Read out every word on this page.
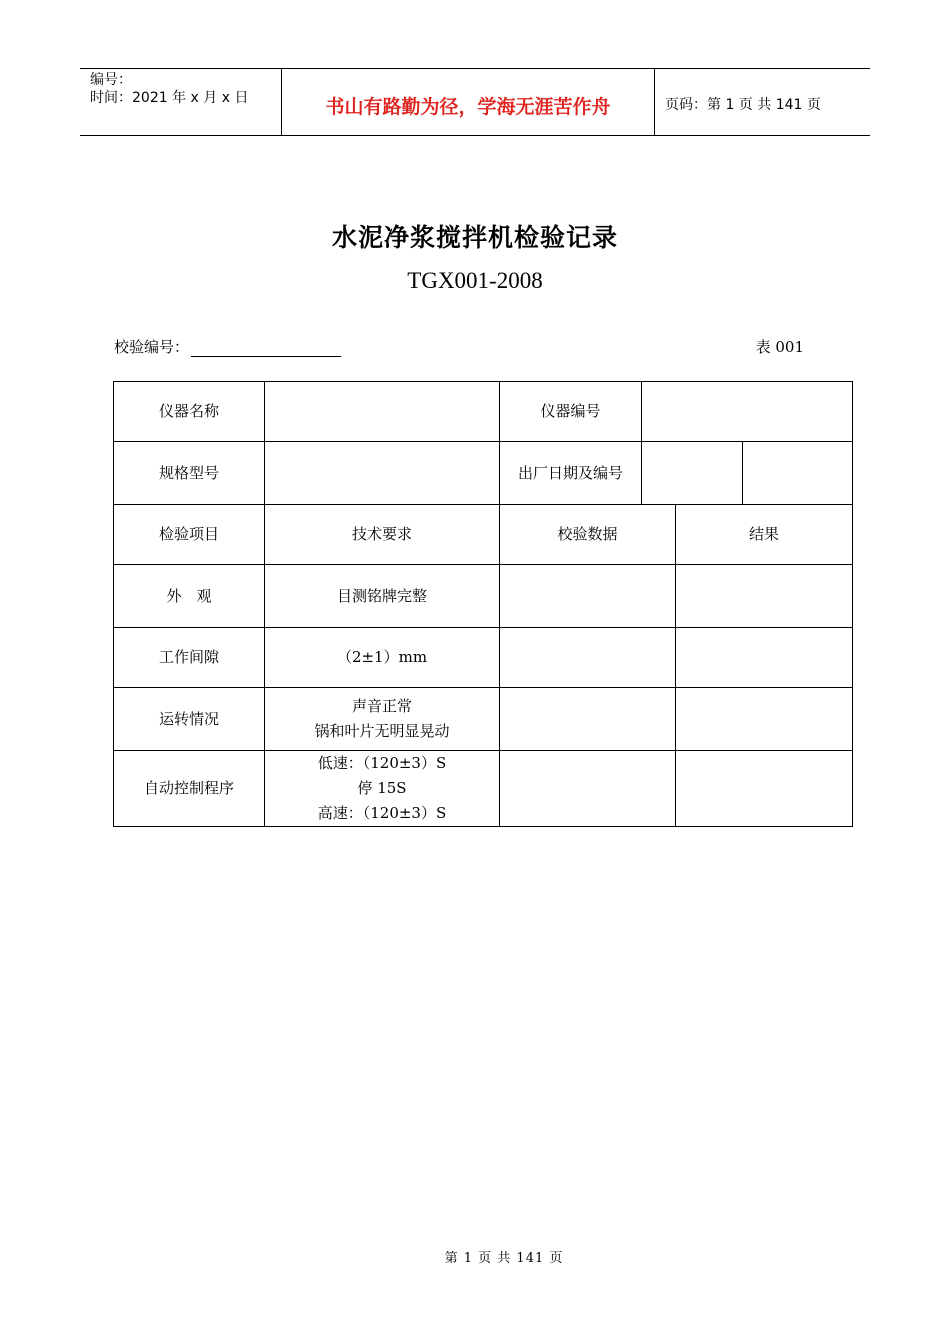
编号：
时间：2021 年 x 月 x 日	书山有路勤为径，学海无涯苦作舟	页码：第 1 页 共 141 页
水泥净浆搅拌机检验记录
TGX001-2008
校验编号：	表 001
仪器名称		仪器编号			
规格型号		出厂日期及编号			
检验项目	技术要求	校验数据		结果	
外　观	目测铭牌完整				
工作间隙	（2±1）mm				
运转情况	声音正常
锅和叶片无明显晃动				

自动控制程序	低速：（120±3）S
停 15S
高速：（120±3）S				

第 1 页 共 141 页
